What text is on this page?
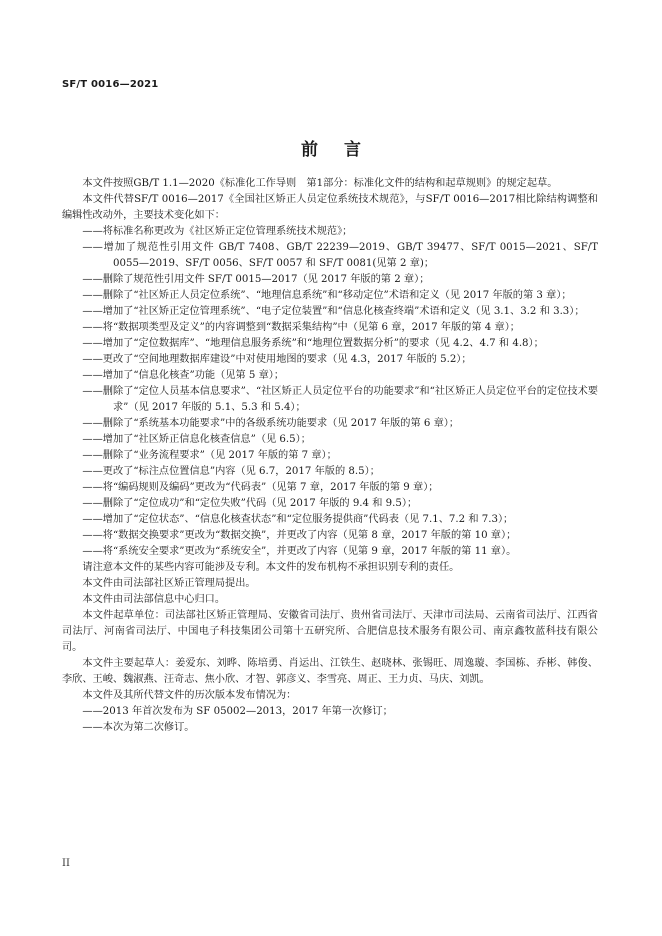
SF/T 0016—2021
前言

本文件按照GB/T 1.1—2020《标准化工作导则　第1部分：标准化文件的结构和起草规则》的规定起草。

本文件代替SF/T 0016—2017《全国社区矫正人员定位系统技术规范》，与SF/T 0016—2017相比除结构调整和编辑性改动外，主要技术变化如下：

——将标准名称更改为《社区矫正定位管理系统技术规范》；

——增加了规范性引用文件 GB/T 7408、GB/T 22239—2019、GB/T 39477、SF/T 0015—2021、SF/T 0055—2019、SF/T 0056、SF/T 0057 和 SF/T 0081(见第 2 章)；

——删除了规范性引用文件 SF/T 0015—2017（见 2017 年版的第 2 章）；

——删除了“社区矫正人员定位系统”、“地理信息系统”和“移动定位”术语和定义（见 2017 年版的第 3 章）；

——增加了“社区矫正定位管理系统”、“电子定位装置”和“信息化核查终端”术语和定义（见 3.1、3.2 和 3.3）；

——将“数据项类型及定义”的内容调整到“数据采集结构”中（见第 6 章，2017 年版的第 4 章）；

——增加了“定位数据库”、“地理信息服务系统”和“地理位置数据分析”的要求（见 4.2、4.7 和 4.8）；

——更改了“空间地理数据库建设”中对使用地图的要求（见 4.3，2017 年版的 5.2）；

——增加了“信息化核查”功能（见第 5 章）；

——删除了“定位人员基本信息要求”、“社区矫正人员定位平台的功能要求”和“社区矫正人员定位平台的定位技术要求”（见 2017 年版的 5.1、5.3 和 5.4）；

——删除了“系统基本功能要求”中的各级系统功能要求（见 2017 年版的第 6 章）；

——增加了“社区矫正信息化核查信息”（见 6.5）；

——删除了“业务流程要求”（见 2017 年版的第 7 章）；

——更改了“标注点位置信息”内容（见 6.7，2017 年版的 8.5）；

——将“编码规则及编码”更改为“代码表”（见第 7 章，2017 年版的第 9 章）；

——删除了“定位成功”和“定位失败”代码（见 2017 年版的 9.4 和 9.5）；

——增加了“定位状态”、“信息化核查状态”和“定位服务提供商”代码表（见 7.1、7.2 和 7.3）；

——将“数据交换要求”更改为“数据交换”，并更改了内容（见第 8 章，2017 年版的第 10 章）；

——将“系统安全要求”更改为“系统安全”，并更改了内容（见第 9 章，2017 年版的第 11 章）。

请注意本文件的某些内容可能涉及专利。本文件的发布机构不承担识别专利的责任。

本文件由司法部社区矫正管理局提出。

本文件由司法部信息中心归口。

本文件起草单位：司法部社区矫正管理局、安徽省司法厅、贵州省司法厅、天津市司法局、云南省司法厅、江西省司法厅、河南省司法厅、中国电子科技集团公司第十五研究所、合肥信息技术服务有限公司、南京鑫牧蓝科技有限公司。

本文件主要起草人：姜爱东、刘晔、陈培勇、肖运出、江铁生、赵晓林、张锡旺、周逸璇、李国栋、乔彬、韩俊、李欣、王峻、魏淑燕、汪奇志、焦小欣、才智、郭彦义、李雪亮、周正、王力贞、马庆、刘凯。

本文件及其所代替文件的历次版本发布情况为：

——2013 年首次发布为 SF 05002—2013，2017 年第一次修订；

——本次为第二次修订。

II
